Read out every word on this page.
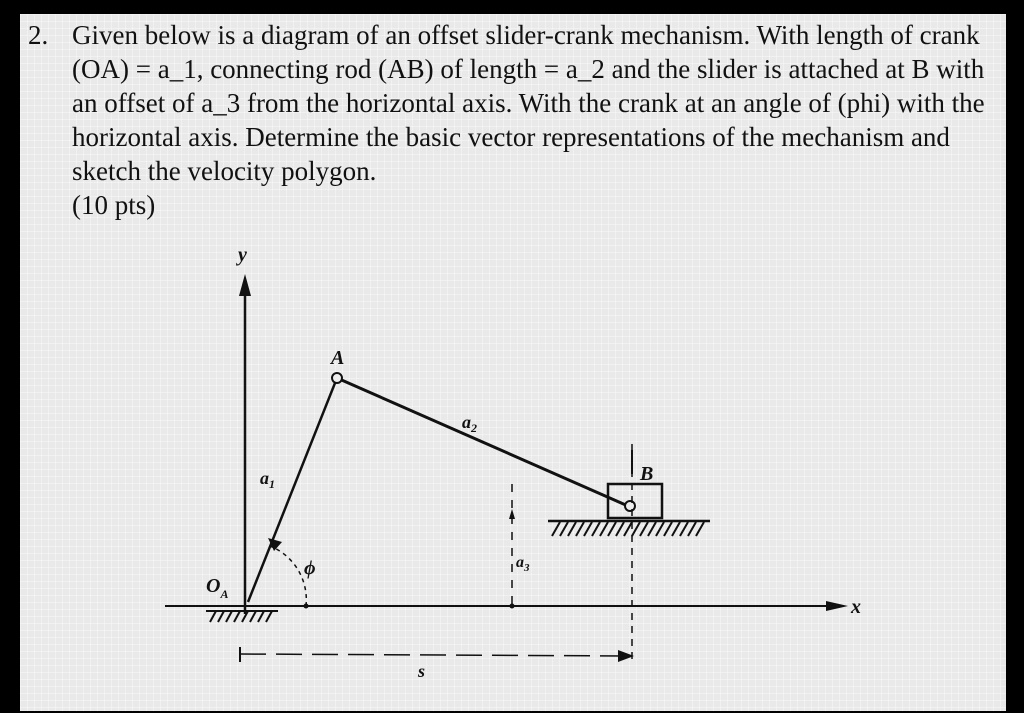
2. Given below is a diagram of an offset slider-crank mechanism. With length of crank (OA) = a_1, connecting rod (AB) of length = a_2 and the slider is attached at B with an offset of a_3 from the horizontal axis. With the crank at an angle of (phi) with the horizontal axis. Determine the basic vector representations of the mechanism and sketch the velocity polygon.
(10 pts)
y
x
A
B
$O_A$
$a_1$
$a_2$
$a_3$
ϕ
s
